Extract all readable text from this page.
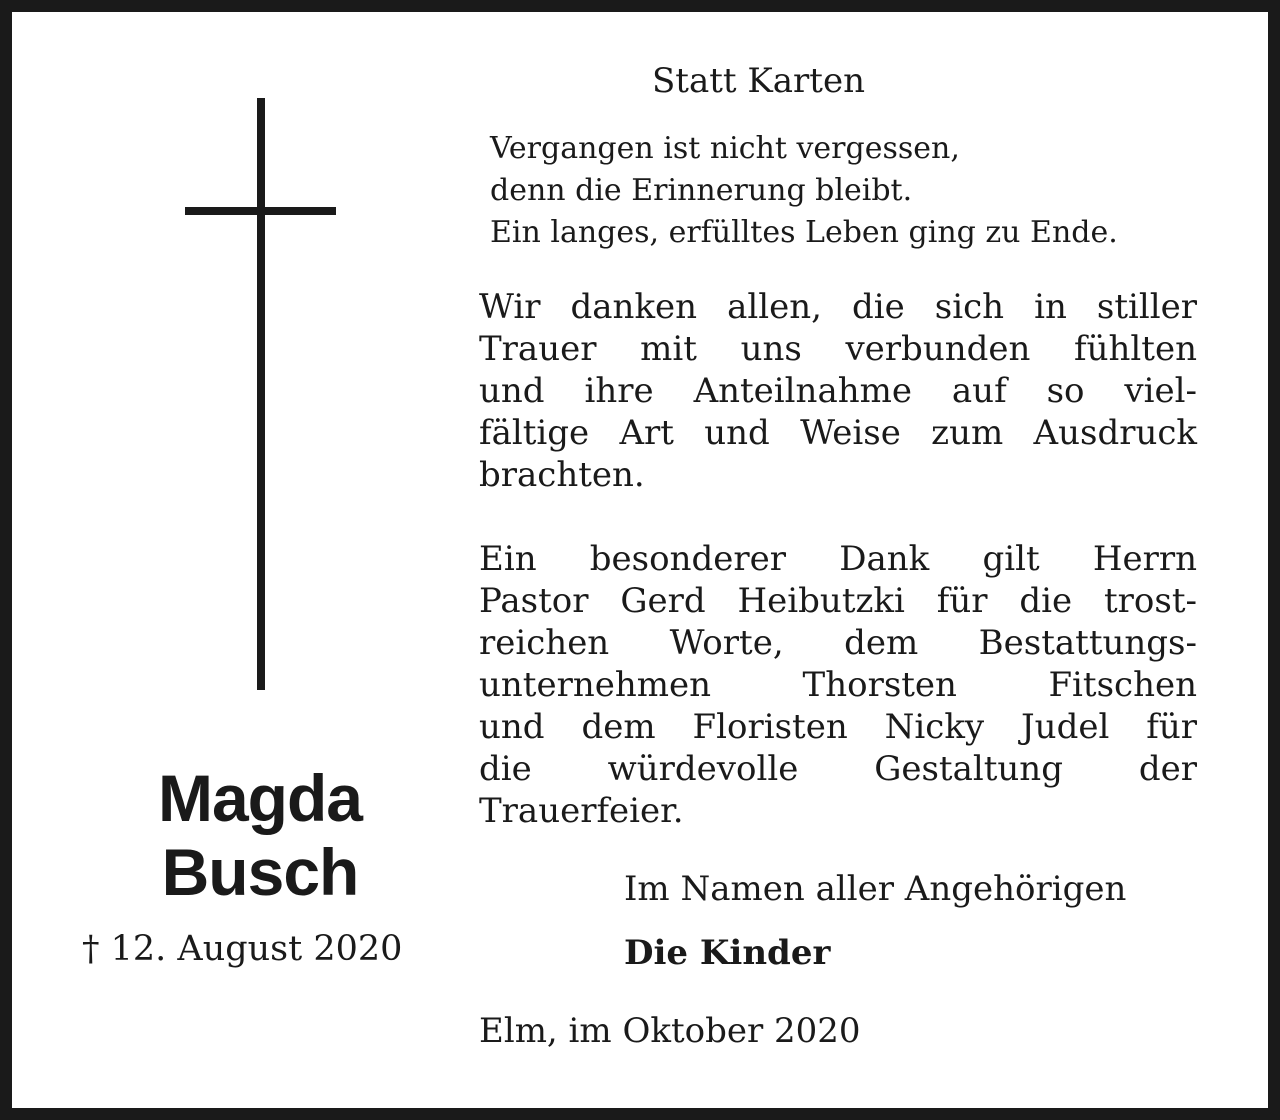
Magda
Busch
† 12. August 2020
Statt Karten
Vergangen ist nicht vergessen,
denn die Erinnerung bleibt.
Ein langes, erfülltes Leben ging zu Ende.
Wir danken allen, die sich in stiller
Trauer mit uns verbunden fühlten
und ihre Anteilnahme auf so viel-
fältige Art und Weise zum Ausdruck
brachten.
Ein besonderer Dank gilt Herrn
Pastor Gerd Heibutzki für die trost-
reichen Worte, dem Bestattungs-
unternehmen Thorsten Fitschen
und dem Floristen Nicky Judel für
die würdevolle Gestaltung der
Trauerfeier.
Im Namen aller Angehörigen
Die Kinder
Elm, im Oktober 2020
